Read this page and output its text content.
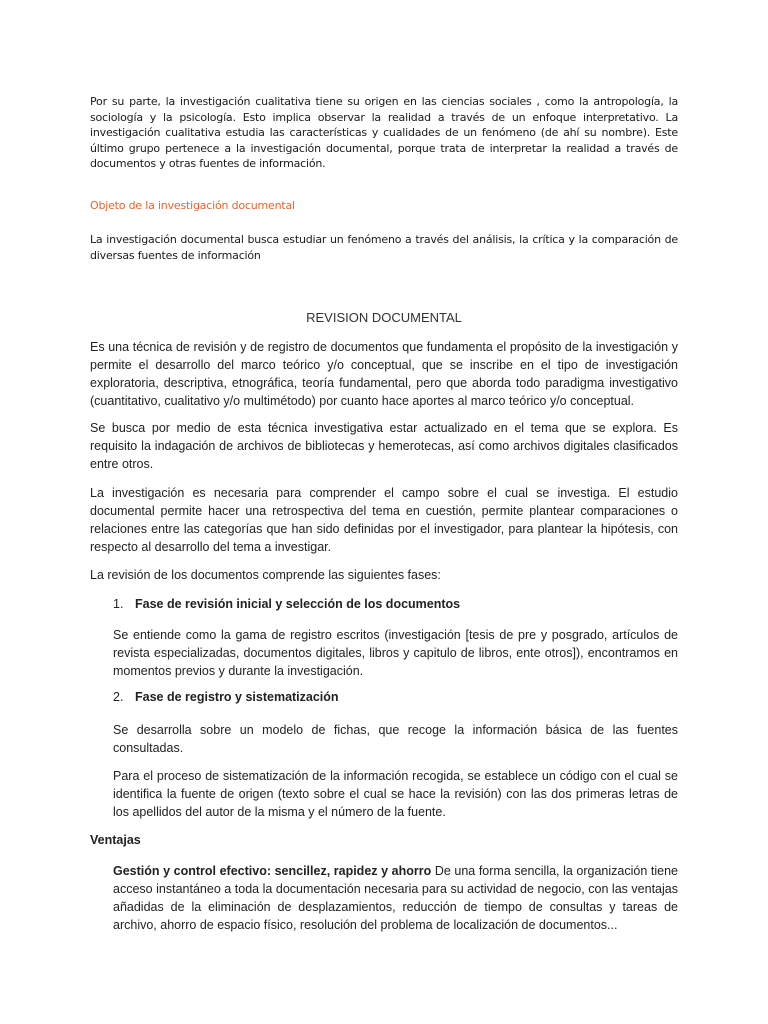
Por su parte, la investigación cualitativa tiene su origen en las ciencias sociales , como la antropología, la sociología y la psicología. Esto implica observar la realidad a través de un enfoque interpretativo. La investigación cualitativa estudia las características y cualidades de un fenómeno (de ahí su nombre). Este último grupo pertenece a la investigación documental, porque trata de interpretar la realidad a través de documentos y otras fuentes de información.
Objeto de la investigación documental
La investigación documental busca estudiar un fenómeno a través del análisis, la crítica y la comparación de diversas fuentes de información
REVISION DOCUMENTAL
Es una técnica de revisión y de registro de documentos que fundamenta el propósito de la investigación y permite el desarrollo del marco teórico y/o conceptual, que se inscribe en el tipo de investigación exploratoria, descriptiva, etnográfica, teoría fundamental, pero que aborda todo paradigma investigativo (cuantitativo, cualitativo y/o multimétodo) por cuanto hace aportes al marco teórico y/o conceptual.
Se busca por medio de esta técnica investigativa estar actualizado en el tema que se explora. Es requisito la indagación de archivos de bibliotecas y hemerotecas, así como archivos digitales clasificados entre otros.
La investigación es necesaria para comprender el campo sobre el cual se investiga. El estudio documental permite hacer una retrospectiva del tema en cuestión, permite plantear comparaciones o relaciones entre las categorías que han sido definidas por el investigador, para plantear la hipótesis, con respecto al desarrollo del tema a investigar.
La revisión de los documentos comprende las siguientes fases:
1. Fase de revisión inicial y selección de los documentos
Se entiende como la gama de registro escritos (investigación [tesis de pre y posgrado, artículos de revista especializadas, documentos digitales, libros y capitulo de libros, ente otros]), encontramos en momentos previos y durante la investigación.
2. Fase de registro y sistematización
Se desarrolla sobre un modelo de fichas, que recoge la información básica de las fuentes consultadas.
Para el proceso de sistematización de la información recogida, se establece un código con el cual se identifica la fuente de origen (texto sobre el cual se hace la revisión) con las dos primeras letras de los apellidos del autor de la misma y el número de la fuente.
Ventajas
Gestión y control efectivo: sencillez, rapidez y ahorro De una forma sencilla, la organización tiene acceso instantáneo a toda la documentación necesaria para su actividad de negocio, con las ventajas añadidas de la eliminación de desplazamientos, reducción de tiempo de consultas y tareas de archivo, ahorro de espacio físico, resolución del problema de localización de documentos...
